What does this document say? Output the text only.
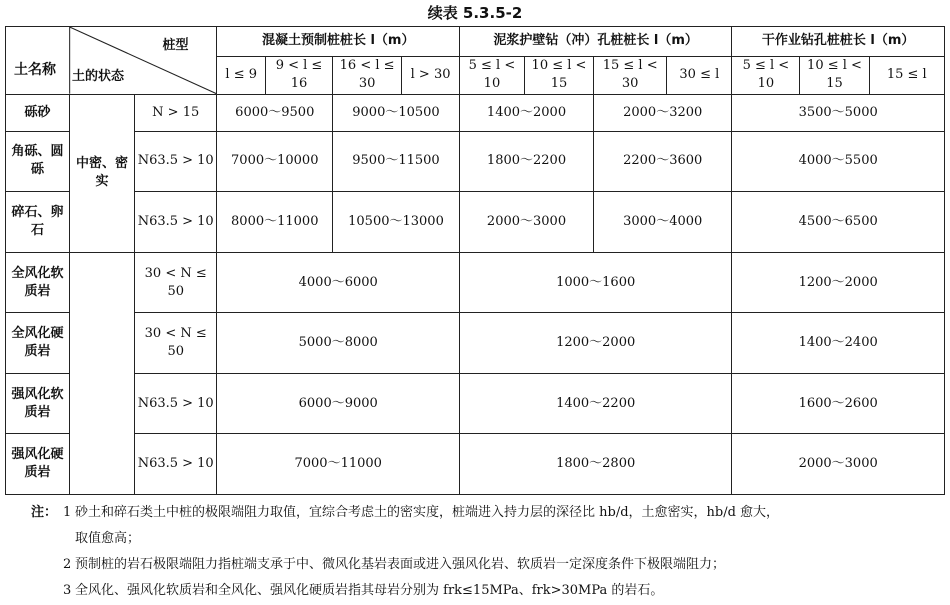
续表 5.3.5-2
桩型
土名称 土的状态			混凝土预制桩桩长 l（m）				泥浆护壁钻（冲）孔桩桩长 l（m）				干作业钻孔桩桩长 l（m）		
			l ≤ 9	9 < l ≤ 16	16 < l ≤ 30	l > 30	5 ≤ l < 10	10 ≤ l < 15	15 ≤ l < 30	30 ≤ l	5 ≤ l < 10	10 ≤ l < 15	15 ≤ l
砾砂	中密、密实	N > 15	6000～9500		9000～10500		1400～2000		2000～3200		3500～5000		
角砾、圆砾		N63.5 > 10	7000～10000		9500～11500		1800～2200		2200～3600		4000～5500		
碎石、卵石		N63.5 > 10	8000～11000		10500～13000		2000～3000		3000～4000		4500～6500		
全风化软质岩		30 < N ≤ 50	4000～6000				1000～1600				1200～2000		
全风化硬质岩		30 < N ≤ 50	5000～8000				1200～2000				1400～2400		
强风化软质岩		N63.5 > 10	6000～9000				1400～2200				1600～2600		
强风化硬质岩		N63.5 > 10	7000～11000				1800～2800				2000～3000		
注： 1 砂土和碎石类土中桩的极限端阻力取值，宜综合考虑土的密实度，桩端进入持力层的深径比 hb/d，土愈密实，hb/d 愈大，
取值愈高；
2 预制桩的岩石极限端阻力指桩端支承于中、微风化基岩表面或进入强风化岩、软质岩一定深度条件下极限端阻力；
3 全风化、强风化软质岩和全风化、强风化硬质岩指其母岩分别为 frk≤15MPa、frk>30MPa 的岩石。
